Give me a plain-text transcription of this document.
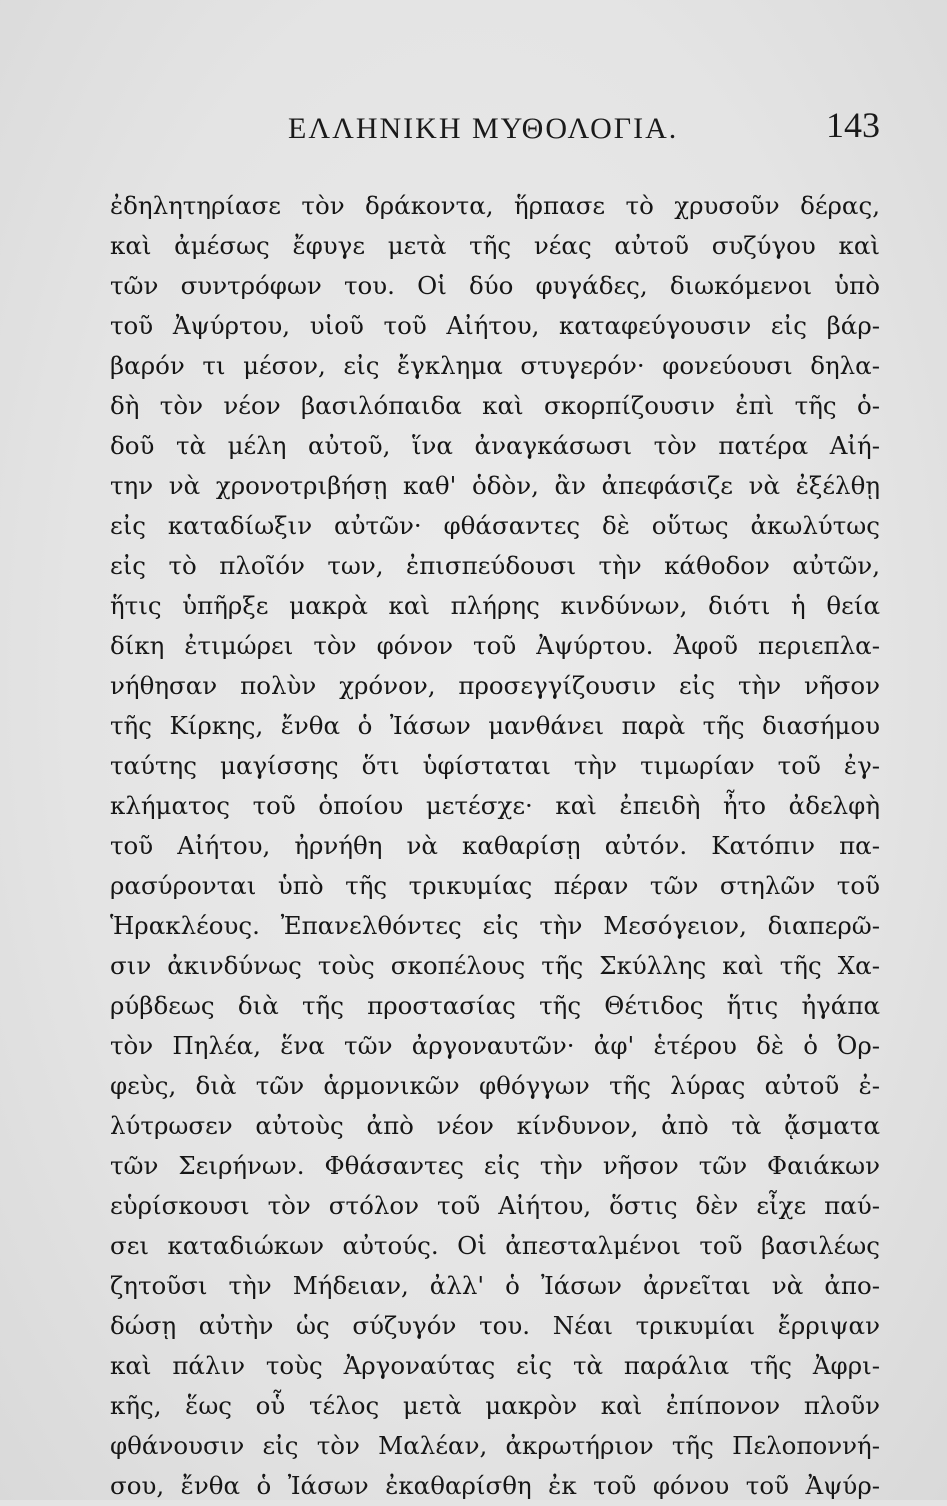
ΕΛΛΗΝΙΚΗ ΜΥΘΟΛΟΓΙΑ.	143
ἐδηλητηρίασε τὸν δράκοντα, ἥρπασε τὸ χρυσοῦν δέρας,
καὶ ἀμέσως ἔφυγε μετὰ τῆς νέας αὐτοῦ συζύγου καὶ
τῶν συντρόφων του. Οἱ δύο φυγάδες, διωκόμενοι ὑπὸ
τοῦ Ἀψύρτου, υἱοῦ τοῦ Αἰήτου, καταφεύγουσιν εἰς βάρ-
βαρόν τι μέσον, εἰς ἔγκλημα στυγερόν· φονεύουσι δηλα-
δὴ τὸν νέον βασιλόπαιδα καὶ σκορπίζουσιν ἐπὶ τῆς ὁ-
δοῦ τὰ μέλη αὐτοῦ, ἵνα ἀναγκάσωσι τὸν πατέρα Αἰή-
την νὰ χρονοτριβήσῃ καθ' ὁδὸν, ἂν ἀπεφάσιζε νὰ ἐξέλθῃ
εἰς καταδίωξιν αὐτῶν· φθάσαντες δὲ οὕτως ἀκωλύτως
εἰς τὸ πλοῖόν των, ἐπισπεύδουσι τὴν κάθοδον αὐτῶν,
ἥτις ὑπῆρξε μακρὰ καὶ πλήρης κινδύνων, διότι ἡ θεία
δίκη ἐτιμώρει τὸν φόνον τοῦ Ἀψύρτου. Ἀφοῦ περιεπλα-
νήθησαν πολὺν χρόνον, προσεγγίζουσιν εἰς τὴν νῆσον
τῆς Κίρκης, ἔνθα ὁ Ἰάσων μανθάνει παρὰ τῆς διασήμου
ταύτης μαγίσσης ὅτι ὑφίσταται τὴν τιμωρίαν τοῦ ἐγ-
κλήματος τοῦ ὁποίου μετέσχε· καὶ ἐπειδὴ ἦτο ἀδελφὴ
τοῦ Αἰήτου, ἠρνήθη νὰ καθαρίσῃ αὐτόν. Κατόπιν πα-
ρασύρονται ὑπὸ τῆς τρικυμίας πέραν τῶν στηλῶν τοῦ
Ἡρακλέους. Ἐπανελθόντες εἰς τὴν Μεσόγειον, διαπερῶ-
σιν ἀκινδύνως τοὺς σκοπέλους τῆς Σκύλλης καὶ τῆς Χα-
ρύβδεως διὰ τῆς προστασίας τῆς Θέτιδος ἥτις ἠγάπα
τὸν Πηλέα, ἕνα τῶν ἀργοναυτῶν· ἀφ' ἑτέρου δὲ ὁ Ὀρ-
φεὺς, διὰ τῶν ἁρμονικῶν φθόγγων τῆς λύρας αὐτοῦ ἐ-
λύτρωσεν αὐτοὺς ἀπὸ νέον κίνδυνον, ἀπὸ τὰ ᾄσματα
τῶν Σειρήνων. Φθάσαντες εἰς τὴν νῆσον τῶν Φαιάκων
εὑρίσκουσι τὸν στόλον τοῦ Αἰήτου, ὅστις δὲν εἶχε παύ-
σει καταδιώκων αὐτούς. Οἱ ἀπεσταλμένοι τοῦ βασιλέως
ζητοῦσι τὴν Μήδειαν, ἀλλ' ὁ Ἰάσων ἀρνεῖται νὰ ἀπο-
δώσῃ αὐτὴν ὡς σύζυγόν του. Νέαι τρικυμίαι ἔρριψαν
καὶ πάλιν τοὺς Ἀργοναύτας εἰς τὰ παράλια τῆς Ἀφρι-
κῆς, ἕως οὗ τέλος μετὰ μακρὸν καὶ ἐπίπονον πλοῦν
φθάνουσιν εἰς τὸν Μαλέαν, ἀκρωτήριον τῆς Πελοποννή-
σου, ἔνθα ὁ Ἰάσων ἐκαθαρίσθη ἐκ τοῦ φόνου τοῦ Ἀψύρ-
